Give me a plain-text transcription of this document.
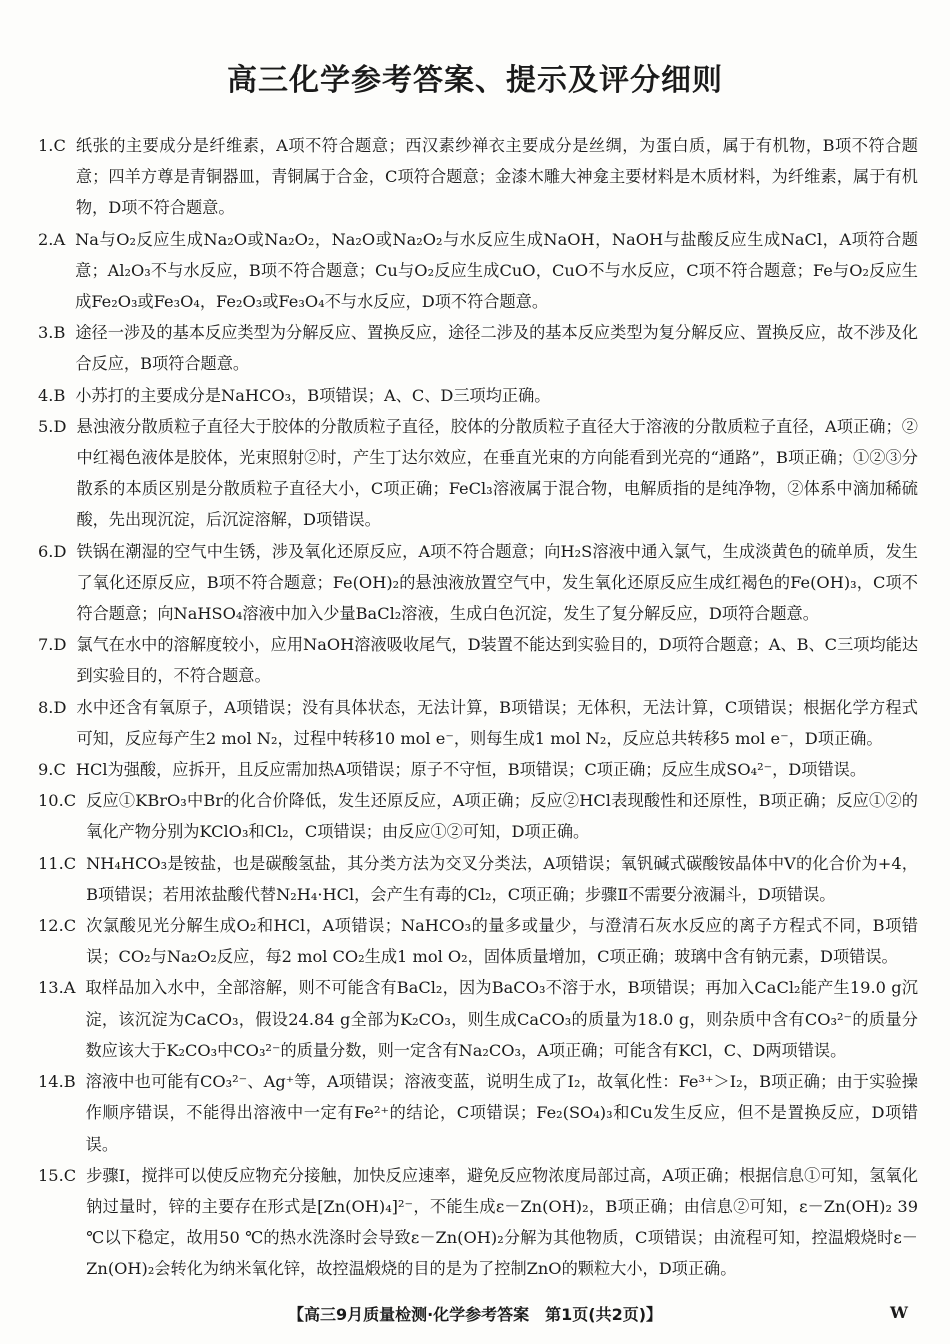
高三化学参考答案、提示及评分细则
1.C 纸张的主要成分是纤维素，A项不符合题意；西汉素纱禅衣主要成分是丝绸，为蛋白质，属于有机物，B项不符合题意；四羊方尊是青铜器皿，青铜属于合金，C项符合题意；金漆木雕大神龛主要材料是木质材料，为纤维素，属于有机物，D项不符合题意。
2.A Na与O₂反应生成Na₂O或Na₂O₂，Na₂O或Na₂O₂与水反应生成NaOH，NaOH与盐酸反应生成NaCl，A项符合题意；Al₂O₃不与水反应，B项不符合题意；Cu与O₂反应生成CuO，CuO不与水反应，C项不符合题意；Fe与O₂反应生成Fe₂O₃或Fe₃O₄，Fe₂O₃或Fe₃O₄不与水反应，D项不符合题意。
3.B 途径一涉及的基本反应类型为分解反应、置换反应，途径二涉及的基本反应类型为复分解反应、置换反应，故不涉及化合反应，B项符合题意。
4.B 小苏打的主要成分是NaHCO₃，B项错误；A、C、D三项均正确。
5.D 悬浊液分散质粒子直径大于胶体的分散质粒子直径，胶体的分散质粒子直径大于溶液的分散质粒子直径，A项正确；②中红褐色液体是胶体，光束照射②时，产生丁达尔效应，在垂直光束的方向能看到光亮的“通路”，B项正确；①②③分散系的本质区别是分散质粒子直径大小，C项正确；FeCl₃溶液属于混合物，电解质指的是纯净物，②体系中滴加稀硫酸，先出现沉淀，后沉淀溶解，D项错误。
6.D 铁锅在潮湿的空气中生锈，涉及氧化还原反应，A项不符合题意；向H₂S溶液中通入氯气，生成淡黄色的硫单质，发生了氧化还原反应，B项不符合题意；Fe(OH)₂的悬浊液放置空气中，发生氧化还原反应生成红褐色的Fe(OH)₃，C项不符合题意；向NaHSO₄溶液中加入少量BaCl₂溶液，生成白色沉淀，发生了复分解反应，D项符合题意。
7.D 氯气在水中的溶解度较小，应用NaOH溶液吸收尾气，D装置不能达到实验目的，D项符合题意；A、B、C三项均能达到实验目的，不符合题意。
8.D 水中还含有氧原子，A项错误；没有具体状态，无法计算，B项错误；无体积，无法计算，C项错误；根据化学方程式可知，反应每产生2 mol N₂，过程中转移10 mol e⁻，则每生成1 mol N₂，反应总共转移5 mol e⁻，D项正确。
9.C HCl为强酸，应拆开，且反应需加热A项错误；原子不守恒，B项错误；C项正确；反应生成SO₄²⁻，D项错误。
10.C 反应①KBrO₃中Br的化合价降低，发生还原反应，A项正确；反应②HCl表现酸性和还原性，B项正确；反应①②的氧化产物分别为KClO₃和Cl₂，C项错误；由反应①②可知，D项正确。
11.C NH₄HCO₃是铵盐，也是碳酸氢盐，其分类方法为交叉分类法，A项错误；氧钒碱式碳酸铵晶体中V的化合价为+4，B项错误；若用浓盐酸代替N₂H₄·HCl，会产生有毒的Cl₂，C项正确；步骤Ⅱ不需要分液漏斗，D项错误。
12.C 次氯酸见光分解生成O₂和HCl，A项错误；NaHCO₃的量多或量少，与澄清石灰水反应的离子方程式不同，B项错误；CO₂与Na₂O₂反应，每2 mol CO₂生成1 mol O₂，固体质量增加，C项正确；玻璃中含有钠元素，D项错误。
13.A 取样品加入水中，全部溶解，则不可能含有BaCl₂，因为BaCO₃不溶于水，B项错误；再加入CaCl₂能产生19.0 g沉淀，该沉淀为CaCO₃，假设24.84 g全部为K₂CO₃，则生成CaCO₃的质量为18.0 g，则杂质中含有CO₃²⁻的质量分数应该大于K₂CO₃中CO₃²⁻的质量分数，则一定含有Na₂CO₃，A项正确；可能含有KCl，C、D两项错误。
14.B 溶液中也可能有CO₃²⁻、Ag⁺等，A项错误；溶液变蓝，说明生成了I₂，故氧化性：Fe³⁺＞I₂，B项正确；由于实验操作顺序错误，不能得出溶液中一定有Fe²⁺的结论，C项错误；Fe₂(SO₄)₃和Cu发生反应，但不是置换反应，D项错误。
15.C 步骤Ⅰ，搅拌可以使反应物充分接触，加快反应速率，避免反应物浓度局部过高，A项正确；根据信息①可知，氢氧化钠过量时，锌的主要存在形式是[Zn(OH)₄]²⁻，不能生成ε－Zn(OH)₂，B项正确；由信息②可知，ε－Zn(OH)₂ 39 ℃以下稳定，故用50 ℃的热水洗涤时会导致ε－Zn(OH)₂分解为其他物质，C项错误；由流程可知，控温煅烧时ε－Zn(OH)₂会转化为纳米氧化锌，故控温煅烧的目的是为了控制ZnO的颗粒大小，D项正确。
【高三9月质量检测·化学参考答案　第1页(共2页)】	W
